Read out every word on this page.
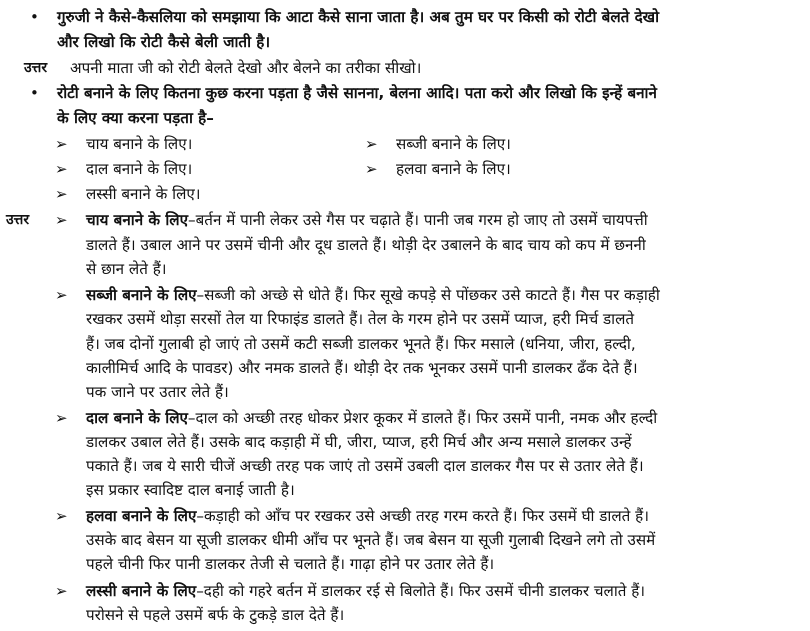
• गुरुजी ने कैसे-कैसलिया को समझाया कि आटा कैसे साना जाता है। अब तुम घर पर किसी को रोटी बेलते देखो
और लिखो कि रोटी कैसे बेली जाती है।
उत्तर अपनी माता जी को रोटी बेलते देखो और बेलने का तरीका सीखो।
• रोटी बनाने के लिए कितना कुछ करना पड़ता है जैसे सानना, बेलना आदि। पता करो और लिखो कि इन्हें बनाने
के लिए क्या करना पड़ता है–
➢ चाय बनाने के लिए।	➢ सब्जी बनाने के लिए।
➢ दाल बनाने के लिए।	➢ हलवा बनाने के लिए।
➢ लस्सी बनाने के लिए।
उत्तर ➢ चाय बनाने के लिए–बर्तन में पानी लेकर उसे गैस पर चढ़ाते हैं। पानी जब गरम हो जाए तो उसमें चायपत्ती
डालते हैं। उबाल आने पर उसमें चीनी और दूध डालते हैं। थोड़ी देर उबालने के बाद चाय को कप में छननी
से छान लेते हैं।
➢ सब्जी बनाने के लिए–सब्जी को अच्छे से धोते हैं। फिर सूखे कपड़े से पोंछकर उसे काटते हैं। गैस पर कड़ाही
रखकर उसमें थोड़ा सरसों तेल या रिफाइंड डालते हैं। तेल के गरम होने पर उसमें प्याज, हरी मिर्च डालते
हैं। जब दोनों गुलाबी हो जाएं तो उसमें कटी सब्जी डालकर भूनते हैं। फिर मसाले (धनिया, जीरा, हल्दी,
कालीमिर्च आदि के पावडर) और नमक डालते हैं। थोड़ी देर तक भूनकर उसमें पानी डालकर ढँक देते हैं।
पक जाने पर उतार लेते हैं।
➢ दाल बनाने के लिए–दाल को अच्छी तरह धोकर प्रेशर कूकर में डालते हैं। फिर उसमें पानी, नमक और हल्दी
डालकर उबाल लेते हैं। उसके बाद कड़ाही में घी, जीरा, प्याज, हरी मिर्च और अन्य मसाले डालकर उन्हें
पकाते हैं। जब ये सारी चीजें अच्छी तरह पक जाएं तो उसमें उबली दाल डालकर गैस पर से उतार लेते हैं।
इस प्रकार स्वादिष्ट दाल बनाई जाती है।
➢ हलवा बनाने के लिए–कड़ाही को आँच पर रखकर उसे अच्छी तरह गरम करते हैं। फिर उसमें घी डालते हैं।
उसके बाद बेसन या सूजी डालकर धीमी आँच पर भूनते हैं। जब बेसन या सूजी गुलाबी दिखने लगे तो उसमें
पहले चीनी फिर पानी डालकर तेजी से चलाते हैं। गाढ़ा होने पर उतार लेते हैं।
➢ लस्सी बनाने के लिए–दही को गहरे बर्तन में डालकर रई से बिलोते हैं। फिर उसमें चीनी डालकर चलाते हैं।
परोसने से पहले उसमें बर्फ के टुकड़े डाल देते हैं।
